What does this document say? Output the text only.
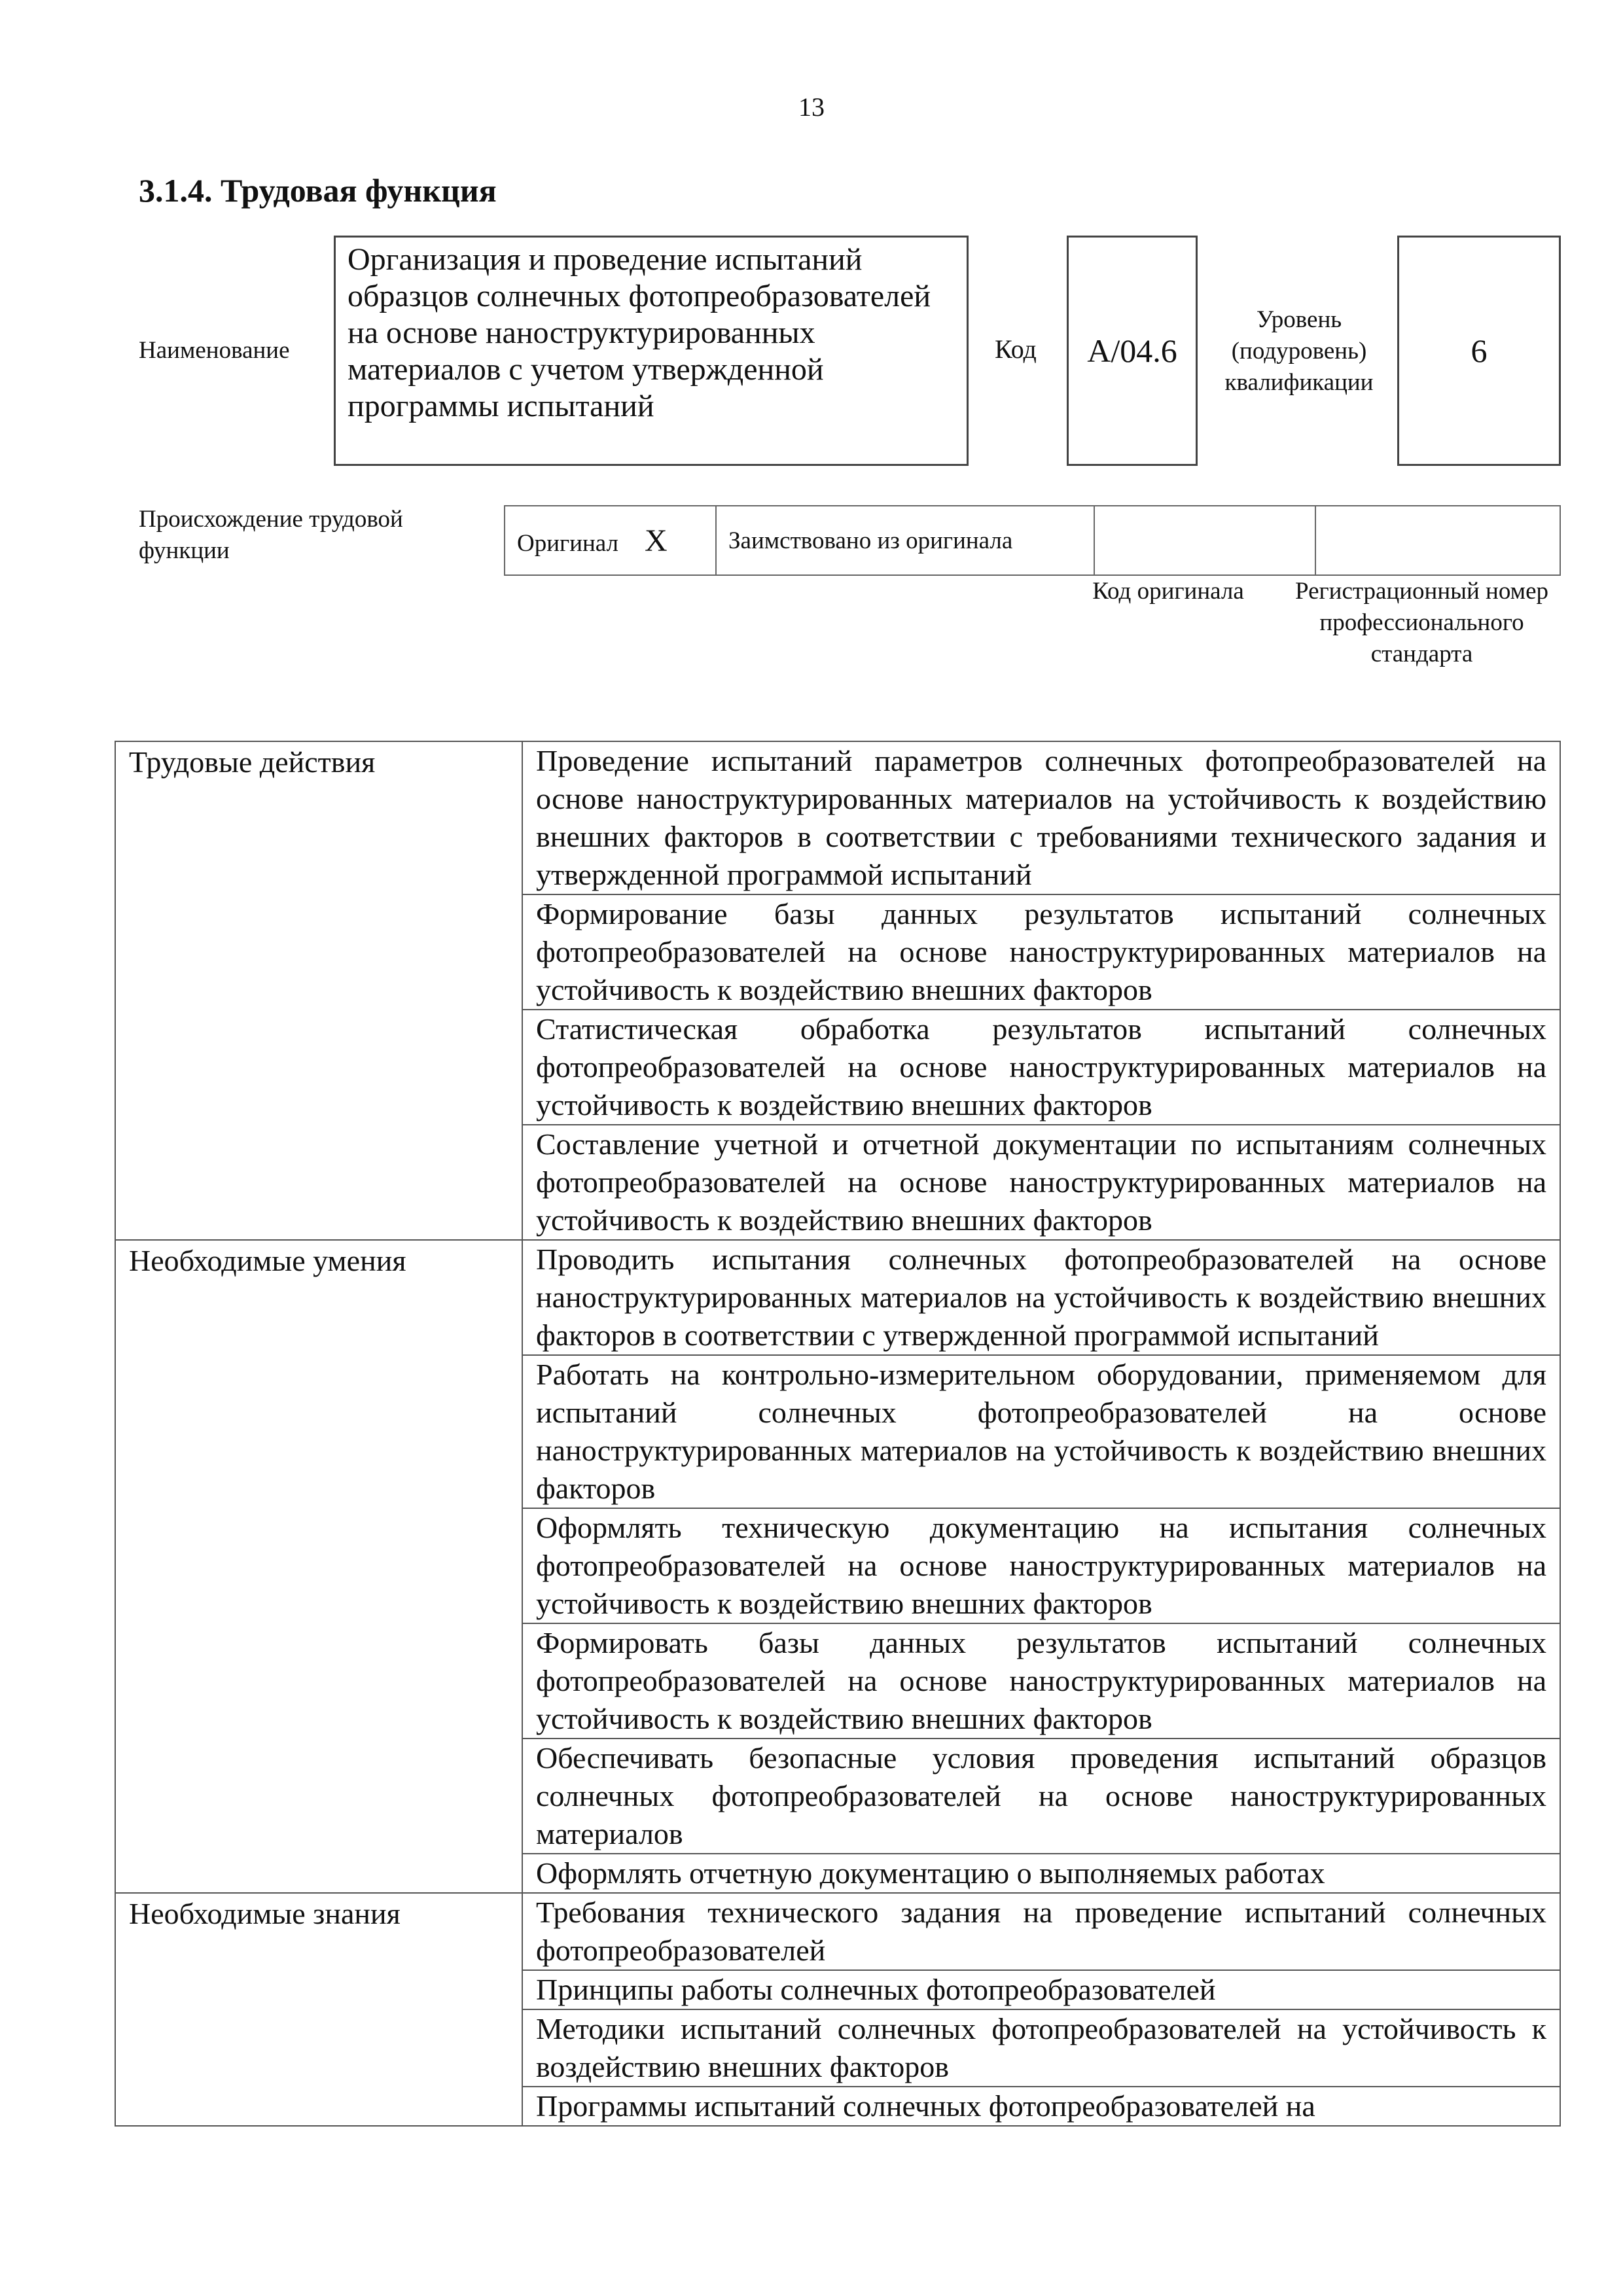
13
3.1.4. Трудовая функция
Наименование
Организация и проведение испытаний образцов солнечных фотопреобразователей на основе наноструктурированных материалов с учетом утвержденной программы испытаний
Код	A/04.6
Уровень (подуровень) квалификации
6
Происхождение трудовой функции	Оригинал X	Заимствовано из оригинала		
Код оригинала	Регистрационный номер профессионального стандарта
Трудовые действия	Проведение испытаний параметров солнечных фотопреобразователей на основе наноструктурированных материалов на устойчивость к воздействию внешних факторов в соответствии с требованиями технического задания и утвержденной программой испытаний
	Формирование базы данных результатов испытаний солнечных фотопреобразователей на основе наноструктурированных материалов на устойчивость к воздействию внешних факторов
	Статистическая обработка результатов испытаний солнечных фотопреобразователей на основе наноструктурированных материалов на устойчивость к воздействию внешних факторов
	Составление учетной и отчетной документации по испытаниям солнечных фотопреобразователей на основе наноструктурированных материалов на устойчивость к воздействию внешних факторов
Необходимые умения	Проводить испытания солнечных фотопреобразователей на основе наноструктурированных материалов на устойчивость к воздействию внешних факторов в соответствии с утвержденной программой испытаний
	Работать на контрольно-измерительном оборудовании, применяемом для испытаний солнечных фотопреобразователей на основе наноструктурированных материалов на устойчивость к воздействию внешних факторов
	Оформлять техническую документацию на испытания солнечных фотопреобразователей на основе наноструктурированных материалов на устойчивость к воздействию внешних факторов
	Формировать базы данных результатов испытаний солнечных фотопреобразователей на основе наноструктурированных материалов на устойчивость к воздействию внешних факторов
	Обеспечивать безопасные условия проведения испытаний образцов солнечных фотопреобразователей на основе наноструктурированных материалов
	Оформлять отчетную документацию о выполняемых работах
Необходимые знания	Требования технического задания на проведение испытаний солнечных фотопреобразователей
	Принципы работы солнечных фотопреобразователей
	Методики испытаний солнечных фотопреобразователей на устойчивость к воздействию внешних факторов
	Программы испытаний солнечных фотопреобразователей на
